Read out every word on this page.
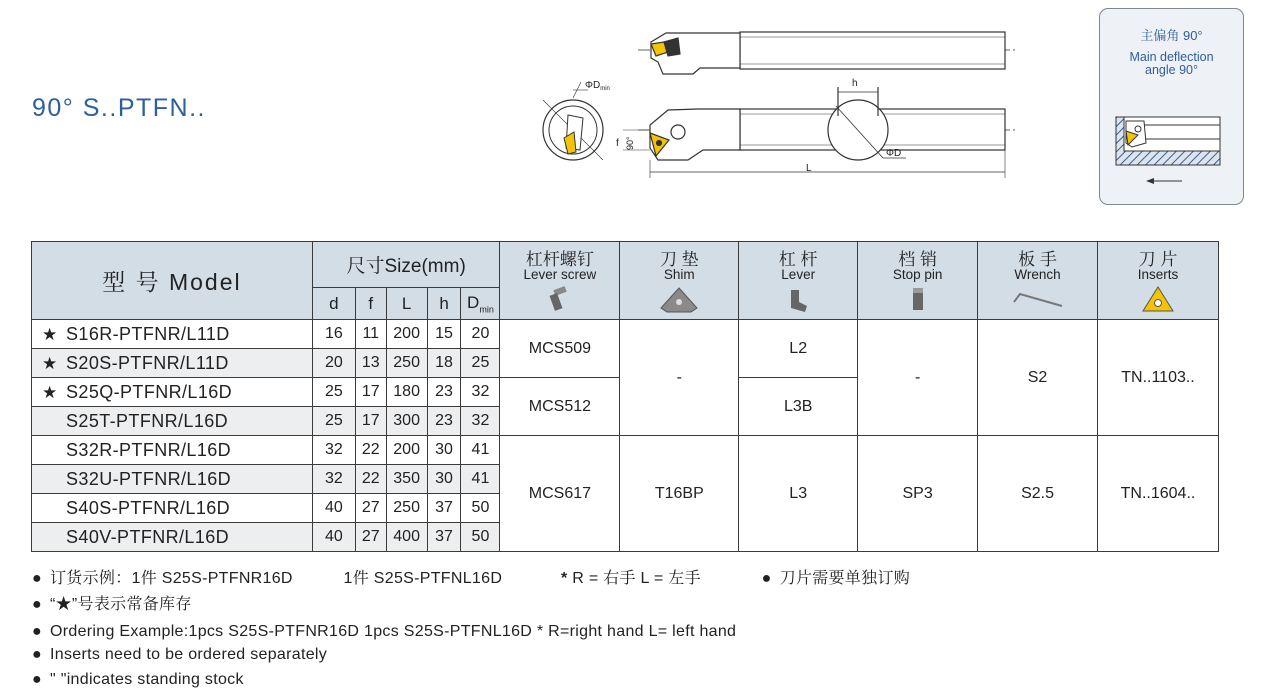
90° S..PTFN..
$\Phi D_{min}$	h
f 90°
L
ΦD
主偏角 90°
Main deflection
angle 90°
型 号 Model	尺寸Size(mm)					杠杆螺钉
Lever screw	刀 垫
Shim	杠 杆
Lever	档 销
Stop pin	板 手
Wrench	刀 片
Inserts

	d	f	L	h	$D_{min}$
★ S16R-PTFNR/L11D	16	11	200	15	20	MCS509	-	L2	-	S2	TN..1103..
★ S20S-PTFNR/L11D	20	13	250	18	25						
★ S25Q-PTFNR/L16D	25	17	180	23	32	MCS512		L3B			
S25T-PTFNR/L16D	25	17	300	23	32						
S32R-PTFNR/L16D	32	22	200	30	41	MCS617	T16BP	L3	SP3	S2.5	TN..1604..
S32U-PTFNR/L16D	32	22	350	30	41						
S40S-PTFNR/L16D	40	27	250	37	50						
S40V-PTFNR/L16D	40	27	400	37	50						
● 订货示例：1件 S25S-PTFNR16D	1件 S25S-PTFNL16D	* R = 右手 L = 左手	● 刀片需要单独订购
● “★”号表示常备库存
● Ordering Example:1pcs S25S-PTFNR16D 1pcs S25S-PTFNL16D * R=right hand L= left hand
● Inserts need to be ordered separately
● " "indicates standing stock
